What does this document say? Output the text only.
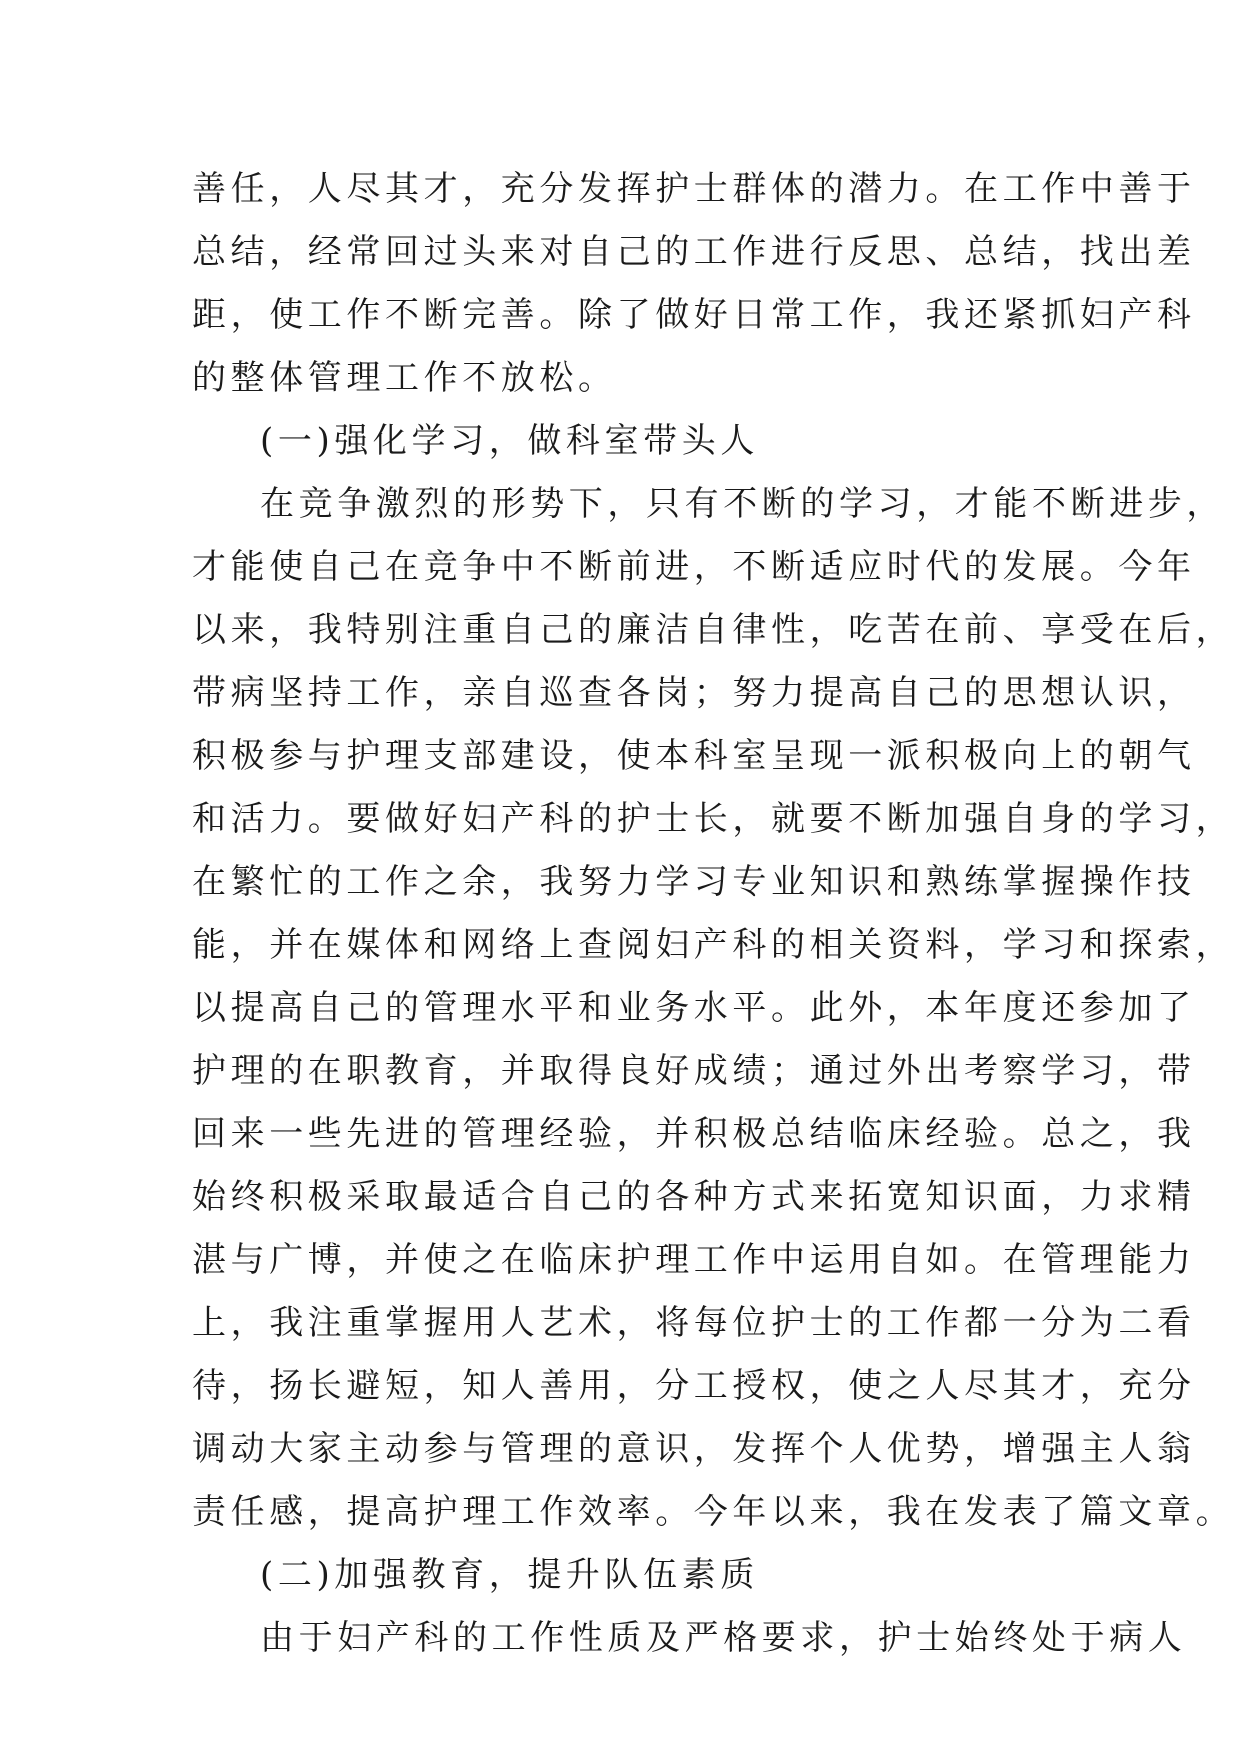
善任，人尽其才，充分发挥护士群体的潜力。在工作中善于
总结，经常回过头来对自己的工作进行反思、总结，找出差
距，使工作不断完善。除了做好日常工作，我还紧抓妇产科
的整体管理工作不放松。
(一)强化学习，做科室带头人
在竞争激烈的形势下，只有不断的学习，才能不断进步，
才能使自己在竞争中不断前进，不断适应时代的发展。今年
以来，我特别注重自己的廉洁自律性，吃苦在前、享受在后，
带病坚持工作，亲自巡查各岗；努力提高自己的思想认识，
积极参与护理支部建设，使本科室呈现一派积极向上的朝气
和活力。要做好妇产科的护士长，就要不断加强自身的学习，
在繁忙的工作之余，我努力学习专业知识和熟练掌握操作技
能，并在媒体和网络上查阅妇产科的相关资料，学习和探索，
以提高自己的管理水平和业务水平。此外，本年度还参加了
护理的在职教育，并取得良好成绩；通过外出考察学习，带
回来一些先进的管理经验，并积极总结临床经验。总之，我
始终积极采取最适合自己的各种方式来拓宽知识面，力求精
湛与广博，并使之在临床护理工作中运用自如。在管理能力
上，我注重掌握用人艺术，将每位护士的工作都一分为二看
待，扬长避短，知人善用，分工授权，使之人尽其才，充分
调动大家主动参与管理的意识，发挥个人优势，增强主人翁
责任感，提高护理工作效率。今年以来，我在发表了篇文章。
(二)加强教育，提升队伍素质
由于妇产科的工作性质及严格要求，护士始终处于病人
